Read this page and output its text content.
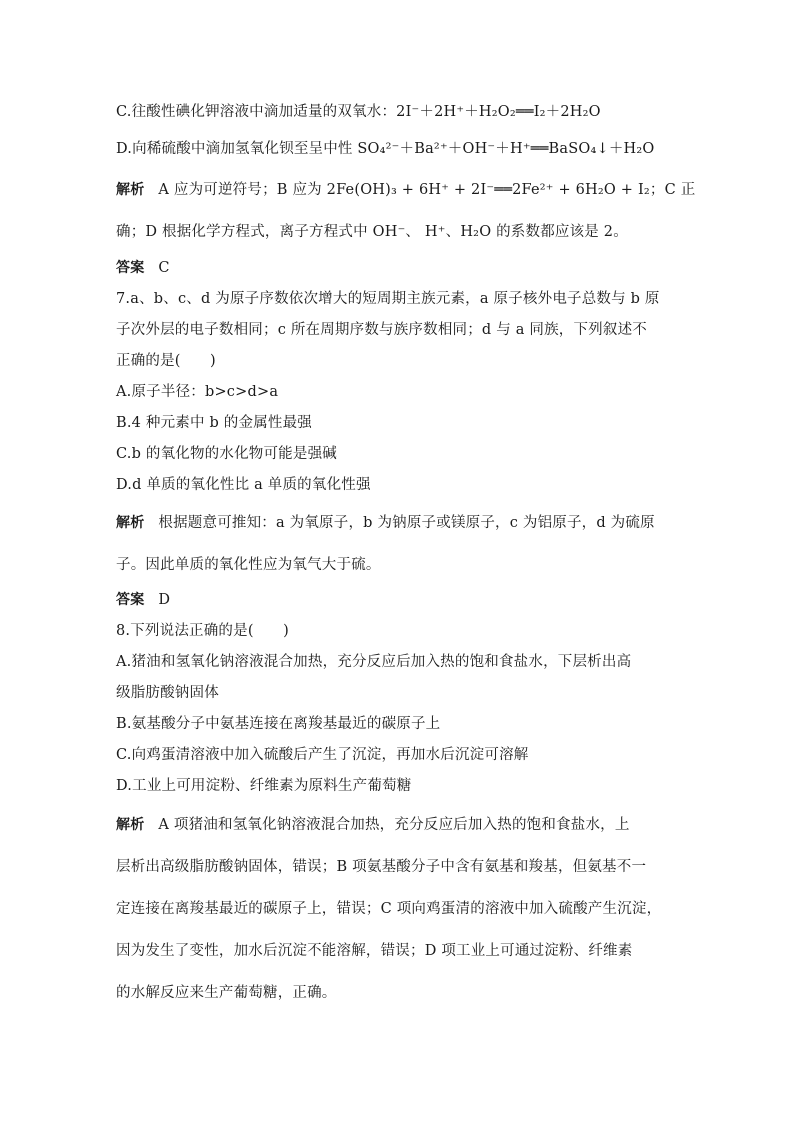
C.往酸性碘化钾溶液中滴加适量的双氧水：2I⁻＋2H⁺＋H₂O₂══I₂＋2H₂O
D.向稀硫酸中滴加氢氧化钡至呈中性 SO₄²⁻＋Ba²⁺＋OH⁻＋H⁺══BaSO₄↓＋H₂O
解析 A 应为可逆符号；B 应为 2Fe(OH)₃ + 6H⁺ + 2I⁻══2Fe²⁺ + 6H₂O + I₂；C 正
确；D 根据化学方程式，离子方程式中 OH⁻、 H⁺、H₂O 的系数都应该是 2。
答案 C
7.a、b、c、d 为原子序数依次增大的短周期主族元素，a 原子核外电子总数与 b 原
子次外层的电子数相同；c 所在周期序数与族序数相同；d 与 a 同族，下列叙述不
正确的是(　　)
A.原子半径：b>c>d>a
B.4 种元素中 b 的金属性最强
C.b 的氧化物的水化物可能是强碱
D.d 单质的氧化性比 a 单质的氧化性强
解析 根据题意可推知：a 为氧原子，b 为钠原子或镁原子，c 为铝原子，d 为硫原
子。因此单质的氧化性应为氧气大于硫。
答案 D
8.下列说法正确的是(　　)
A.猪油和氢氧化钠溶液混合加热，充分反应后加入热的饱和食盐水，下层析出高
级脂肪酸钠固体
B.氨基酸分子中氨基连接在离羧基最近的碳原子上
C.向鸡蛋清溶液中加入硫酸后产生了沉淀，再加水后沉淀可溶解
D.工业上可用淀粉、纤维素为原料生产葡萄糖
解析 A 项猪油和氢氧化钠溶液混合加热，充分反应后加入热的饱和食盐水，上
层析出高级脂肪酸钠固体，错误；B 项氨基酸分子中含有氨基和羧基，但氨基不一
定连接在离羧基最近的碳原子上，错误；C 项向鸡蛋清的溶液中加入硫酸产生沉淀，
因为发生了变性，加水后沉淀不能溶解，错误；D 项工业上可通过淀粉、纤维素
的水解反应来生产葡萄糖，正确。
